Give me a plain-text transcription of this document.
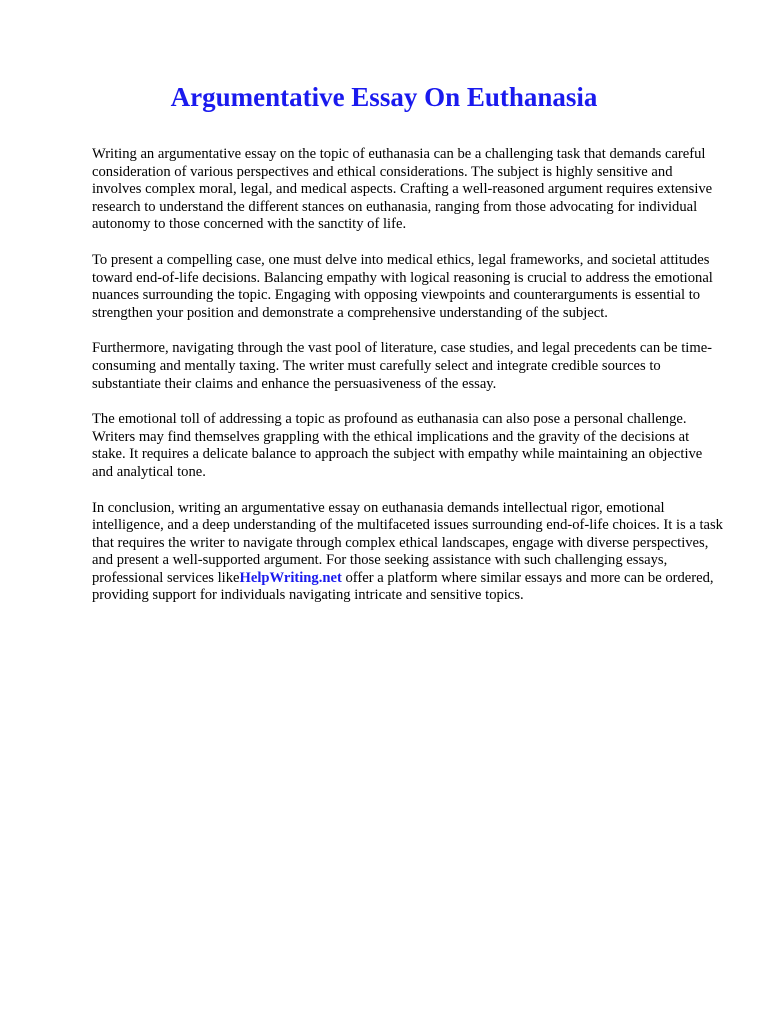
Argumentative Essay On Euthanasia

Writing an argumentative essay on the topic of euthanasia can be a challenging task that demands careful consideration of various perspectives and ethical considerations. The subject is highly sensitive and involves complex moral, legal, and medical aspects. Crafting a well-reasoned argument requires extensive research to understand the different stances on euthanasia, ranging from those advocating for individual autonomy to those concerned with the sanctity of life.

To present a compelling case, one must delve into medical ethics, legal frameworks, and societal attitudes toward end-of-life decisions. Balancing empathy with logical reasoning is crucial to address the emotional nuances surrounding the topic. Engaging with opposing viewpoints and counterarguments is essential to strengthen your position and demonstrate a comprehensive understanding of the subject.

Furthermore, navigating through the vast pool of literature, case studies, and legal precedents can be time-consuming and mentally taxing. The writer must carefully select and integrate credible sources to substantiate their claims and enhance the persuasiveness of the essay.

The emotional toll of addressing a topic as profound as euthanasia can also pose a personal challenge. Writers may find themselves grappling with the ethical implications and the gravity of the decisions at stake. It requires a delicate balance to approach the subject with empathy while maintaining an objective and analytical tone.

In conclusion, writing an argumentative essay on euthanasia demands intellectual rigor, emotional intelligence, and a deep understanding of the multifaceted issues surrounding end-of-life choices. It is a task that requires the writer to navigate through complex ethical landscapes, engage with diverse perspectives, and present a well-supported argument. For those seeking assistance with such challenging essays, professional services likeHelpWriting.net offer a platform where similar essays and more can be ordered, providing support for individuals navigating intricate and sensitive topics.
